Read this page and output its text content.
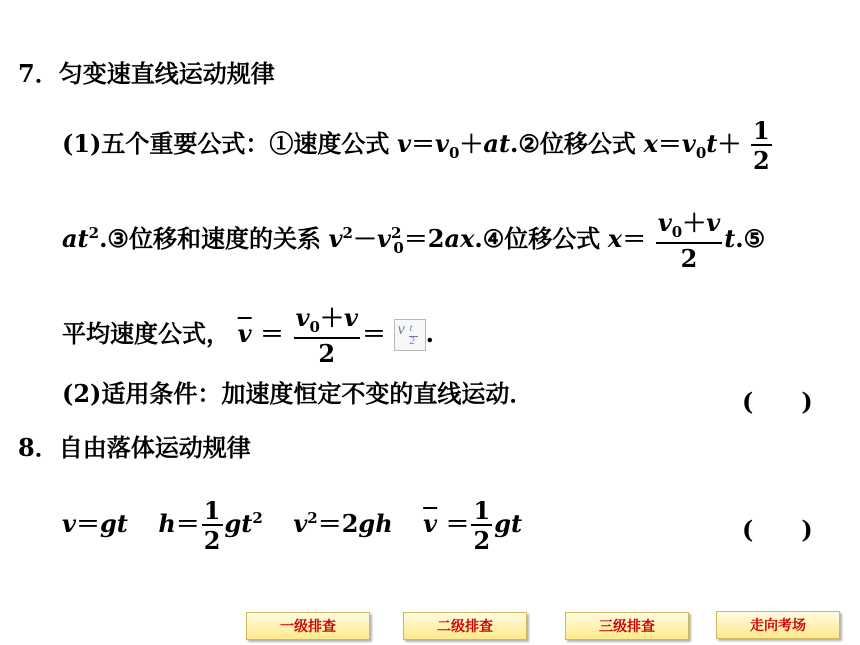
7．匀变速直线运动规律
(1)五个重要公式：①速度公式 $v=v_0+at.②$位移公式 $x=v_0t+ \frac{1}{2}$
$at^2.③$位移和速度的关系 $v^2-v^2_0=2ax.④$位移公式 $x= \frac{v_0+v}{2}$ t.⑤
平均速度公式， $\overline{v} = \frac{v_0+v}{2} = v$ t
2 .
(2)适用条件：加速度恒定不变的直线运动．	(　　)
8．自由落体运动规律
v＝gt $h= \frac{1}{2} gt^2$ $v^2=2gh$ $\overline{v} = \frac{1}{2}$ gt	(　　)
一级排查	二级排查	三级排查	走向考场
